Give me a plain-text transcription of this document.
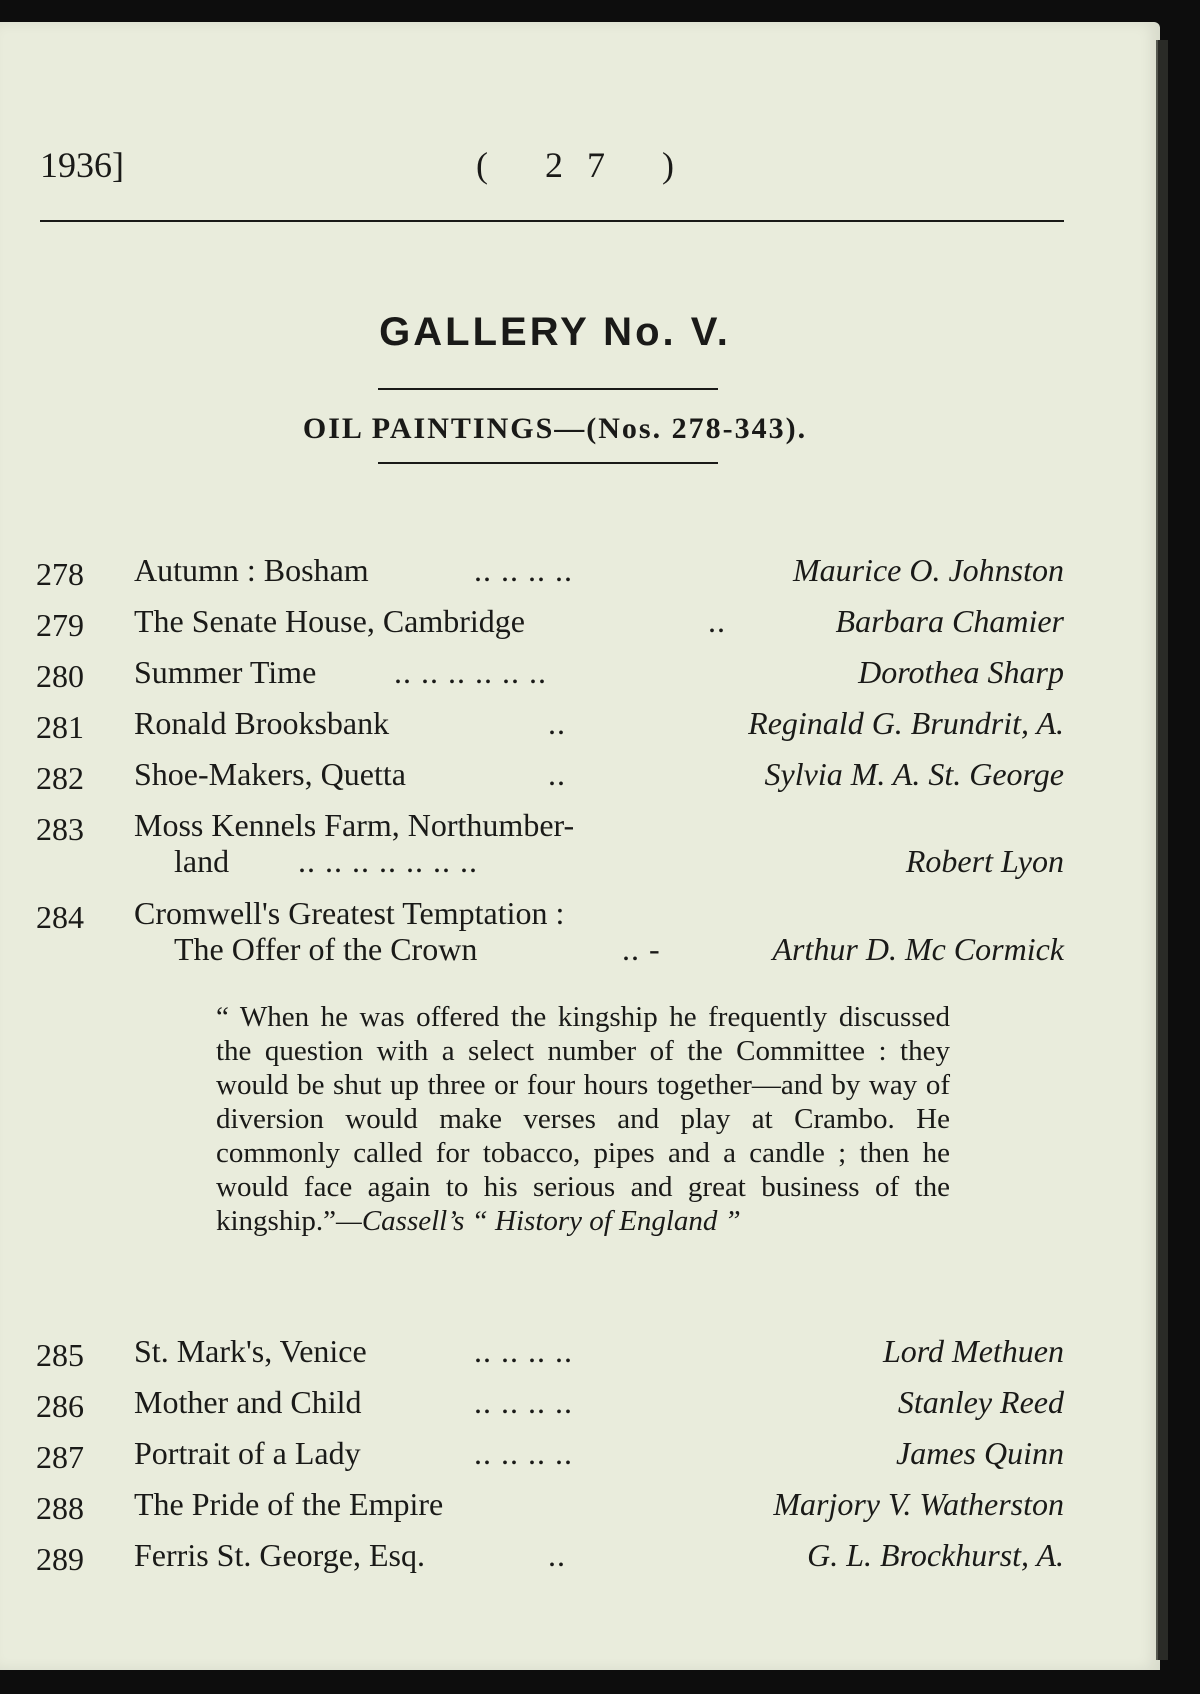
1936]	( 27 )
GALLERY No. V.
OIL PAINTINGS—(Nos. 278-343).
278	Autumn : Bosham	.. .. .. ..	Maurice O. Johnston
279	The Senate House, Cambridge	..	Barbara Chamier
280	Summer Time .. .. .. .. .. ..	Dorothea Sharp
281	Ronald Brooksbank	..	Reginald G. Brundrit, A.
282	Shoe-Makers, Quetta	..	Sylvia M. A. St. George
283	Moss Kennels Farm, Northumber-
land .. .. .. .. .. .. ..	Robert Lyon
284	Cromwell's Greatest Temptation :
The Offer of the Crown	.. -	Arthur D. Mc Cormick
“ When he was offered the kingship he frequently discussed the question with a select number of the Committee : they would be shut up three or four hours together—and by way of diversion would make verses and play at Crambo. He commonly called for tobacco, pipes and a candle ; then he would face again to his serious and great business of the kingship.”—Cassell’s “ History of England ”
285	St. Mark's, Venice	.. .. .. ..	Lord Methuen
286	Mother and Child	.. .. .. ..	Stanley Reed
287	Portrait of a Lady	.. .. .. ..	James Quinn
288	The Pride of the Empire	Marjory V. Watherston
289	Ferris St. George, Esq.	..	G. L. Brockhurst, A.
